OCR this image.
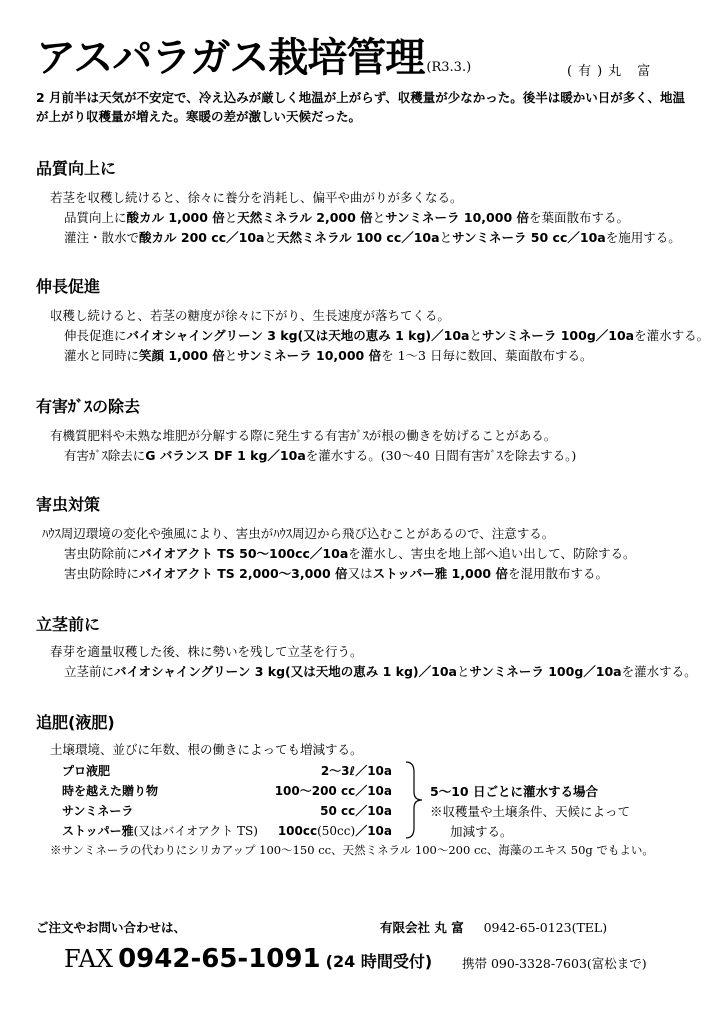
アスパラガス栽培管理 (R3.3.)	(有)丸 富
2 月前半は天気が不安定で、冷え込みが厳しく地温が上がらず、収穫量が少なかった。後半は暖かい日が多く、地温が上がり収穫量が増えた。寒暖の差が激しい天候だった。
品質向上に
若茎を収穫し続けると、徐々に養分を消耗し、偏平や曲がりが多くなる。
品質向上に酸カル 1,000 倍と天然ミネラル 2,000 倍とサンミネーラ 10,000 倍を葉面散布する。
灌注・散水で酸カル 200 cc／10aと天然ミネラル 100 cc／10aとサンミネーラ 50 cc／10aを施用する。
伸長促進
収穫し続けると、若茎の糖度が徐々に下がり、生長速度が落ちてくる。
伸長促進にバイオシャイングリーン 3 kg(又は天地の恵み 1 kg)／10aとサンミネーラ 100g／10aを灌水する。
灌水と同時に笑顔 1,000 倍とサンミネーラ 10,000 倍を 1～3 日毎に数回、葉面散布する。
有害ｶﾞｽの除去
有機質肥料や未熟な堆肥が分解する際に発生する有害ｶﾞｽが根の働きを妨げることがある。
有害ｶﾞｽ除去にG バランス DF 1 kg／10aを灌水する。(30～40 日間有害ｶﾞｽを除去する。)
害虫対策
ﾊｳｽ周辺環境の変化や強風により、害虫がﾊｳｽ周辺から飛び込むことがあるので、注意する。
害虫防除前にバイオアクト TS 50～100cc／10aを灌水し、害虫を地上部へ追い出して、防除する。
害虫防除時にバイオアクト TS 2,000～3,000 倍又はストッパー雅 1,000 倍を混用散布する。
立茎前に
春芽を適量収穫した後、株に勢いを残して立茎を行う。
立茎前にバイオシャイングリーン 3 kg(又は天地の恵み 1 kg)／10aとサンミネーラ 100g／10aを灌水する。
追肥(液肥)
土壌環境、並びに年数、根の働きによっても増減する。
プロ液肥	2～3ℓ／10a
時を越えた贈り物	100～200 cc／10a
サンミネーラ	50 cc／10a
ストッパー雅(又はバイオアクト TS)	100cc(50cc)／10a
5～10 日ごとに灌水する場合
※収穫量や土壌条件、天候によって
加減する。
※サンミネーラの代わりにシリカアップ 100～150 cc、天然ミネラル 100～200 cc、海藻のエキス 50g でもよい。
ご注文やお問い合わせは、	有限会社 丸 富 0942‐65‐0123(TEL)
FAX 0942-65-1091 (24 時間受付) 携帯 090-3328-7603(富松まで)
